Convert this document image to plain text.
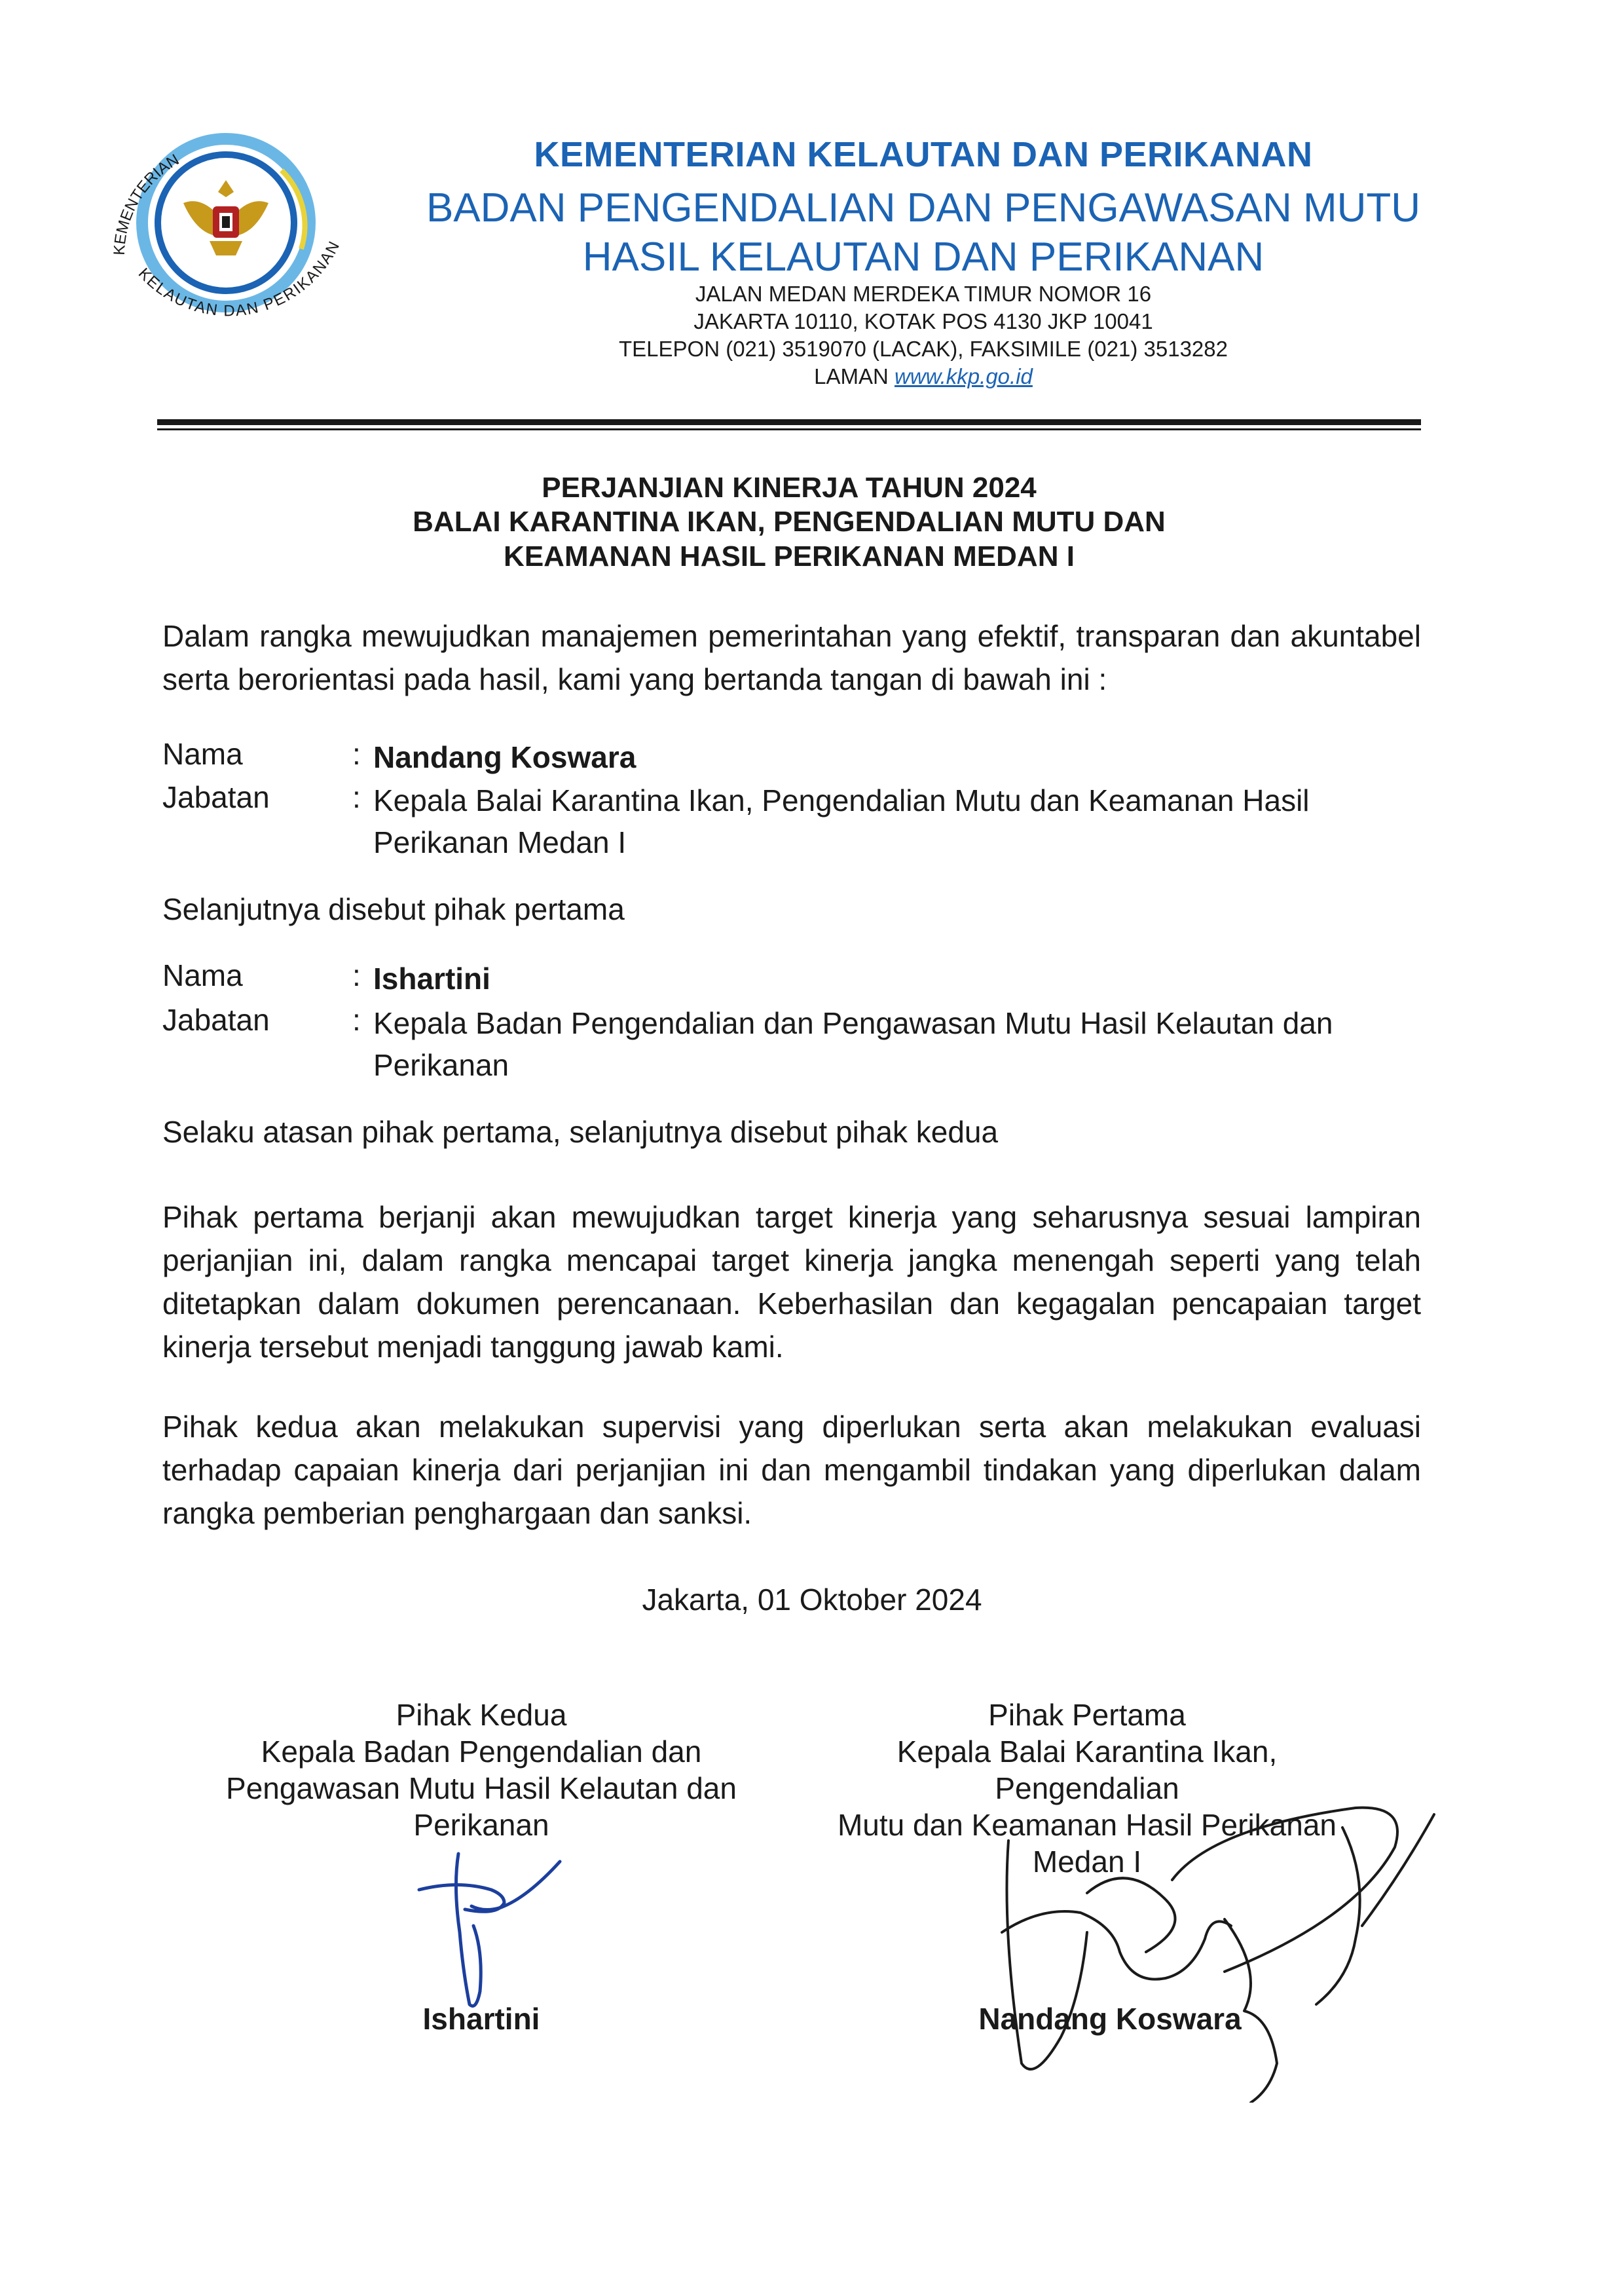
KEMENTERIAN
KELAUTAN DAN PERIKANAN
KEMENTERIAN KELAUTAN DAN PERIKANAN
BADAN PENGENDALIAN DAN PENGAWASAN MUTU
HASIL KELAUTAN DAN PERIKANAN
JALAN MEDAN MERDEKA TIMUR NOMOR 16
JAKARTA 10110, KOTAK POS 4130 JKP 10041
TELEPON (021) 3519070 (LACAK), FAKSIMILE (021) 3513282
LAMAN www.kkp.go.id
PERJANJIAN KINERJA TAHUN 2024
BALAI KARANTINA IKAN, PENGENDALIAN MUTU DAN
KEAMANAN HASIL PERIKANAN MEDAN I
Dalam rangka mewujudkan manajemen pemerintahan yang efektif, transparan dan akuntabel serta berorientasi pada hasil, kami yang bertanda tangan di bawah ini :
Nama	: Nandang Koswara
Jabatan	: Kepala Balai Karantina Ikan, Pengendalian Mutu dan Keamanan Hasil Perikanan Medan I
Selanjutnya disebut pihak pertama
Nama	: Ishartini
Jabatan	: Kepala Badan Pengendalian dan Pengawasan Mutu Hasil Kelautan dan Perikanan
Selaku atasan pihak pertama, selanjutnya disebut pihak kedua
Pihak pertama berjanji akan mewujudkan target kinerja yang seharusnya sesuai lampiran perjanjian ini, dalam rangka mencapai target kinerja jangka menengah seperti yang telah ditetapkan dalam dokumen perencanaan. Keberhasilan dan kegagalan pencapaian target kinerja tersebut menjadi tanggung jawab kami.
Pihak kedua akan melakukan supervisi yang diperlukan serta akan melakukan evaluasi terhadap capaian kinerja dari perjanjian ini dan mengambil tindakan yang diperlukan dalam rangka pemberian penghargaan dan sanksi.
Jakarta, 01 Oktober 2024
Pihak Kedua
Kepala Badan Pengendalian dan
Pengawasan Mutu Hasil Kelautan dan
Perikanan
Pihak Pertama
Kepala Balai Karantina Ikan, Pengendalian
Mutu dan Keamanan Hasil Perikanan
Medan I
Ishartini	Nandang Koswara
